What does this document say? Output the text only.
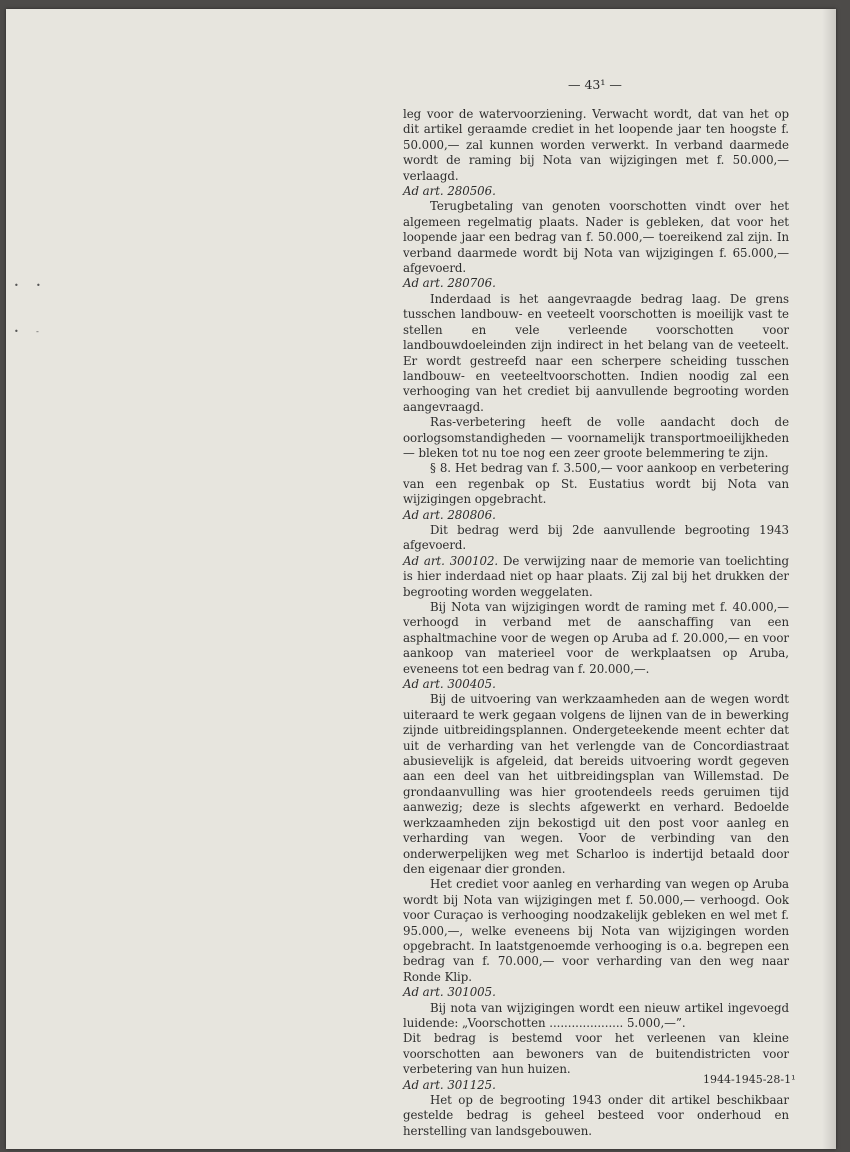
— 43¹ —

leg voor de watervoorziening. Verwacht wordt, dat van het op dit artikel geraamde crediet in het loopende jaar ten hoogste f. 50.000,— zal kunnen worden verwerkt. In verband daarmede wordt de raming bij Nota van wijzigingen met f. 50.000,— verlaagd.

Ad art. 280506.

Terugbetaling van genoten voorschotten vindt over het algemeen regelmatig plaats. Nader is gebleken, dat voor het loopende jaar een bedrag van f. 50.000,— toereikend zal zijn. In verband daarmede wordt bij Nota van wijzigingen f. 65.000,— afgevoerd.

Ad art. 280706.

Inderdaad is het aangevraagde bedrag laag. De grens tusschen landbouw- en veeteelt voorschotten is moeilijk vast te stellen en vele verleende voorschotten voor landbouwdoeleinden zijn indirect in het belang van de veeteelt. Er wordt gestreefd naar een scherpere scheiding tusschen landbouw- en veeteeltvoorschotten. Indien noodig zal een verhooging van het crediet bij aanvullende begrooting worden aangevraagd.

Ras-verbetering heeft de volle aandacht doch de oorlogsomstandigheden — voornamelijk transportmoeilijkheden — bleken tot nu toe nog een zeer groote belemmering te zijn.

§ 8. Het bedrag van f. 3.500,— voor aankoop en verbetering van een regenbak op St. Eustatius wordt bij Nota van wijzigingen opgebracht.

Ad art. 280806.

Dit bedrag werd bij 2de aanvullende begrooting 1943 afgevoerd.

Ad art. 300102. De verwijzing naar de memorie van toelichting is hier inderdaad niet op haar plaats. Zij zal bij het drukken der begrooting worden weggelaten.

Bij Nota van wijzigingen wordt de raming met f. 40.000,— verhoogd in verband met de aanschaffing van een asphaltmachine voor de wegen op Aruba ad f. 20.000,— en voor aankoop van materieel voor de werkplaatsen op Aruba, eveneens tot een bedrag van f. 20.000,—.

Ad art. 300405.

Bij de uitvoering van werkzaamheden aan de wegen wordt uiteraard te werk gegaan volgens de lijnen van de in bewerking zijnde uitbreidingsplannen. Ondergeteekende meent echter dat uit de verharding van het verlengde van de Concordiastraat abusievelijk is afgeleid, dat bereids uitvoering wordt gegeven aan een deel van het uitbreidingsplan van Willemstad. De grondaanvulling was hier grootendeels reeds geruimen tijd aanwezig; deze is slechts afgewerkt en verhard. Bedoelde werkzaamheden zijn bekostigd uit den post voor aanleg en verharding van wegen. Voor de verbinding van den onderwerpelijken weg met Scharloo is indertijd betaald door den eigenaar dier gronden.

Het crediet voor aanleg en verharding van wegen op Aruba wordt bij Nota van wijzigingen met f. 50.000,— verhoogd. Ook voor Curaçao is verhooging noodzakelijk gebleken en wel met f. 95.000,—, welke eveneens bij Nota van wijzigingen worden opgebracht. In laatstgenoemde verhooging is o.a. begrepen een bedrag van f. 70.000,— voor verharding van den weg naar Ronde Klip.

Ad art. 301005.

Bij nota van wijzigingen wordt een nieuw artikel ingevoegd luidende: „Voorschotten .................... 5.000,—”.

Dit bedrag is bestemd voor het verleenen van kleine voorschotten aan bewoners van de buitendistricten voor verbetering van hun huizen.

Ad art. 301125.

Het op de begrooting 1943 onder dit artikel beschikbaar gestelde bedrag is geheel besteed voor onderhoud en herstelling van landsgebouwen.

1944-1945-28-1¹
• •
• -
